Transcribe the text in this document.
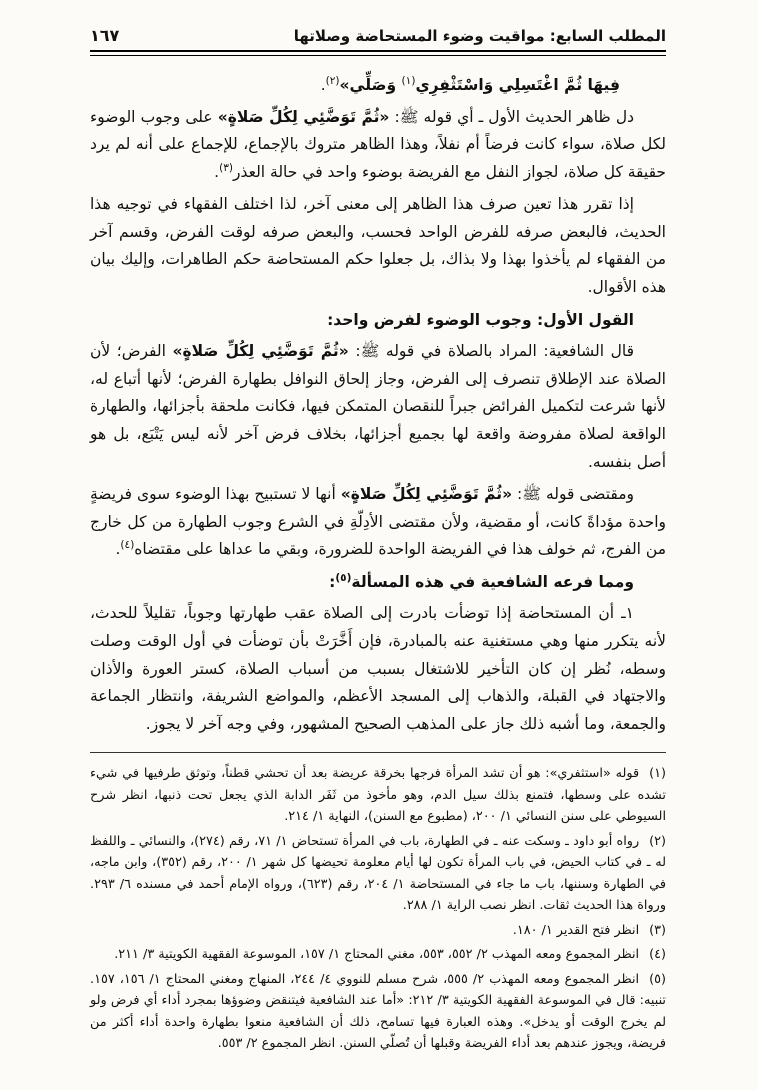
المطلب السابع: مواقيت وضوء المستحاضة وصلاتها
١٦٧

فِيهَا ثُمَّ اغْتَسِلِي وَاسْتَثْفِرِي$^{(١)}$ وَصَلِّي»$^{(٢)}$.

دل ظاهر الحديث الأول ـ أي قوله ﷺ: «ثُمَّ تَوَضَّئِي لِكُلِّ صَلاةٍ» على وجوب الوضوء لكل صلاة، سواء كانت فرضاً أم نفلاً، وهذا الظاهر متروك بالإجماع، للإجماع على أنه لم يرد حقيقة كل صلاة، لجواز النفل مع الفريضة بوضوء واحد في حالة العذر$^{(٣)}$.

إذا تقرر هذا تعين صرف هذا الظاهر إلى معنى آخر، لذا اختلف الفقهاء في توجيه هذا الحديث، فالبعض صرفه للفرض الواحد فحسب، والبعض صرفه لوقت الفرض، وقسم آخر من الفقهاء لم يأخذوا بهذا ولا بذاك، بل جعلوا حكم المستحاضة حكم الطاهرات، وإليك بيان هذه الأقوال.

القول الأول: وجوب الوضوء لفرض واحد:

قال الشافعية: المراد بالصلاة في قوله ﷺ: «ثُمَّ تَوَضَّئِي لِكُلِّ صَلاةٍ» الفرض؛ لأن الصلاة عند الإطلاق تنصرف إلى الفرض، وجاز إلحاق النوافل بطهارة الفرض؛ لأنها أتباع له، لأنها شرعت لتكميل الفرائض جبراً للنقصان المتمكن فيها، فكانت ملحقة بأجزائها، والطهارة الواقعة لصلاة مفروضة واقعة لها بجميع أجزائها، بخلاف فرض آخر لأنه ليس يَتْبَع، بل هو أصل بنفسه.

ومقتضى قوله ﷺ: «ثُمَّ تَوَضَّئِي لِكُلِّ صَلاةٍ» أنها لا تستبيح بهذا الوضوء سوى فريضةٍ واحدة مؤداةً كانت، أو مقضية، ولأن مقتضى الأدِلّةِ في الشرع وجوب الطهارة من كل خارج من الفرج، ثم خولف هذا في الفريضة الواحدة للضرورة، وبقي ما عداها على مقتضاه$^{(٤)}$.

ومما فرعه الشافعية في هذه المسألة$^{(٥)}$:

١ـ أن المستحاضة إذا توضأت بادرت إلى الصلاة عقب طهارتها وجوباً، تقليلاً للحدث، لأنه يتكرر منها وهي مستغنية عنه بالمبادرة، فإن أَخَّرَتْ بأن توضأت في أول الوقت وصلت وسطه، نُظر إن كان التأخير للاشتغال بسبب من أسباب الصلاة، كستر العورة والأذان والاجتهاد في القبلة، والذهاب إلى المسجد الأعظم، والمواضع الشريفة، وانتظار الجماعة والجمعة، وما أشبه ذلك جاز على المذهب الصحيح المشهور، وفي وجه آخر لا يجوز.

(١)قوله «استثفري»: هو أن تشد المرأة فرجها بخرقة عريضة بعد أن تحشي قطناً، وتوثق طرفيها في شيء تشده على وسطها، فتمنع بذلك سيل الدم، وهو مأخوذ من ثَفَر الدابة الذي يجعل تحت ذنبها، انظر شرح السيوطي على سنن النسائي ١/ ٢٠٠، (مطبوع مع السنن)، النهاية ١/ ٢١٤.

(٢)رواه أبو داود ـ وسكت عنه ـ في الطهارة، باب في المرأة تستحاض ١/ ٧١، رقم (٢٧٤)، والنسائي ـ واللفظ له ـ في كتاب الحيض، في باب المرأة تكون لها أيام معلومة تحيضها كل شهر ١/ ٢٠٠، رقم (٣٥٢)، وابن ماجه، في الطهارة وسننها، باب ما جاء في المستحاضة ١/ ٢٠٤، رقم (٦٢٣)، ورواه الإمام أحمد في مسنده ٦/ ٢٩٣. ورواة هذا الحديث ثقات. انظر نصب الراية ١/ ٢٨٨.

(٣)انظر فتح القدير ١/ ١٨٠.

(٤)انظر المجموع ومعه المهذب ٢/ ٥٥٢، ٥٥٣، مغني المحتاج ١/ ١٥٧، الموسوعة الفقهية الكويتية ٣/ ٢١١.

(٥)انظر المجموع ومعه المهذب ٢/ ٥٥٥، شرح مسلم للنووي ٤/ ٢٤٤، المنهاج ومغني المحتاج ١/ ١٥٦، ١٥٧. تنبيه: قال في الموسوعة الفقهية الكويتية ٣/ ٢١٢: «أما عند الشافعية فيتنقض وضوؤها بمجرد أداء أي فرض ولو لم يخرج الوقت أو يدخل». وهذه العبارة فيها تسامح، ذلك أن الشافعية منعوا بطهارة واحدة أداء أكثر من فريضة، ويجوز عندهم بعد أداء الفريضة وقبلها أن تُصلّي السنن. انظر المجموع ٢/ ٥٥٣.
